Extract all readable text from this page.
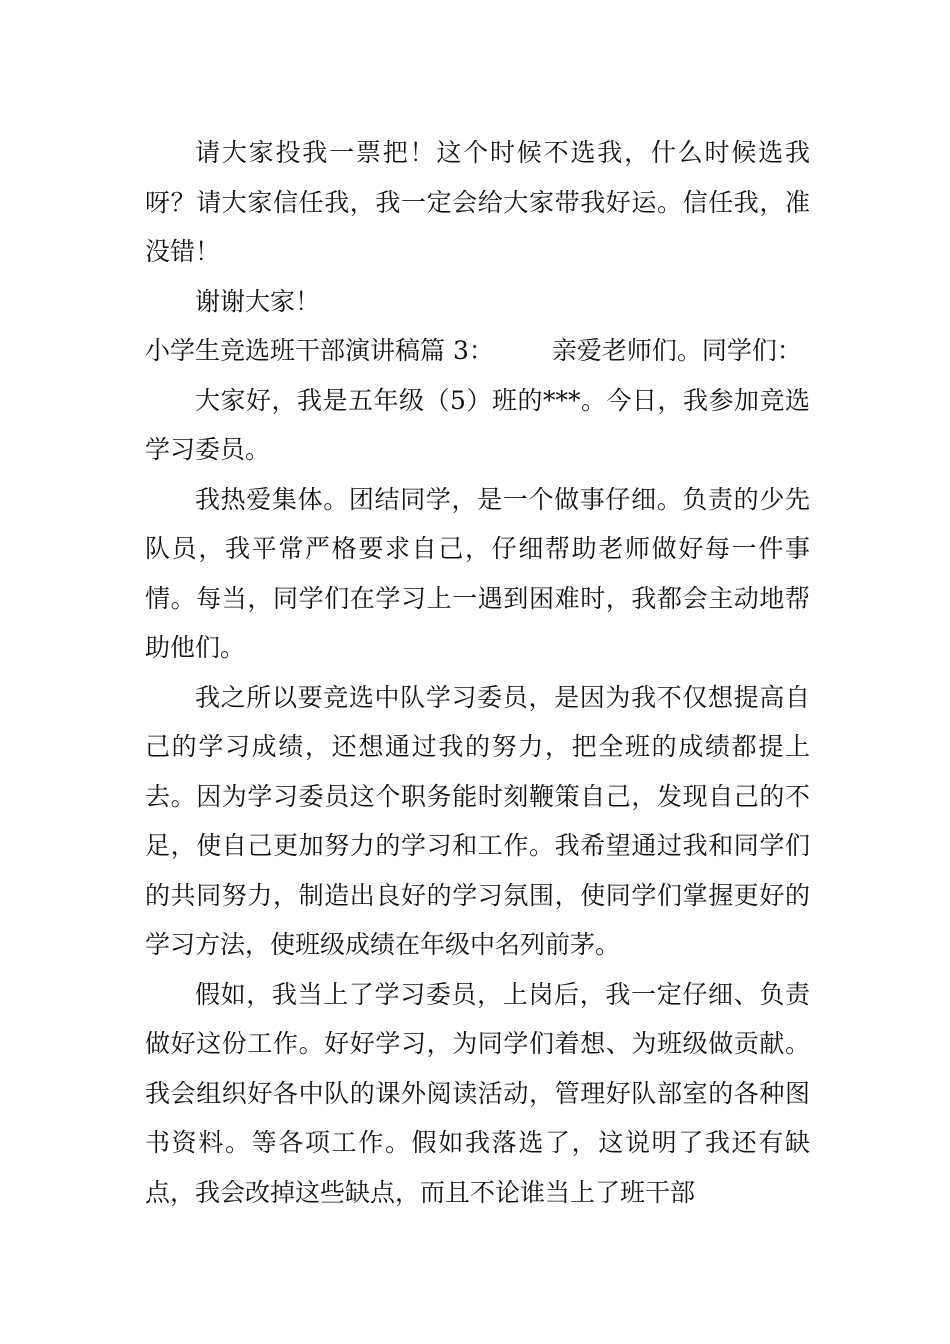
请大家投我一票把！这个时候不选我，什么时候选我呀？请大家信任我，我一定会给大家带我好运。信任我，准没错！

谢谢大家！

小学生竞选班干部演讲稿篇 3： 亲爱老师们。同学们：

大家好，我是五年级（5）班的***。今日，我参加竞选学习委员。

我热爱集体。团结同学，是一个做事仔细。负责的少先队员，我平常严格要求自己，仔细帮助老师做好每一件事情。每当，同学们在学习上一遇到困难时，我都会主动地帮助他们。

我之所以要竞选中队学习委员，是因为我不仅想提高自己的学习成绩，还想通过我的努力，把全班的成绩都提上去。因为学习委员这个职务能时刻鞭策自己，发现自己的不足，使自己更加努力的学习和工作。我希望通过我和同学们的共同努力，制造出良好的学习氛围，使同学们掌握更好的学习方法，使班级成绩在年级中名列前茅。

假如，我当上了学习委员，上岗后，我一定仔细、负责做好这份工作。好好学习，为同学们着想、为班级做贡献。我会组织好各中队的课外阅读活动，管理好队部室的各种图书资料。等各项工作。假如我落选了，这说明了我还有缺点，我会改掉这些缺点，而且不论谁当上了班干部
